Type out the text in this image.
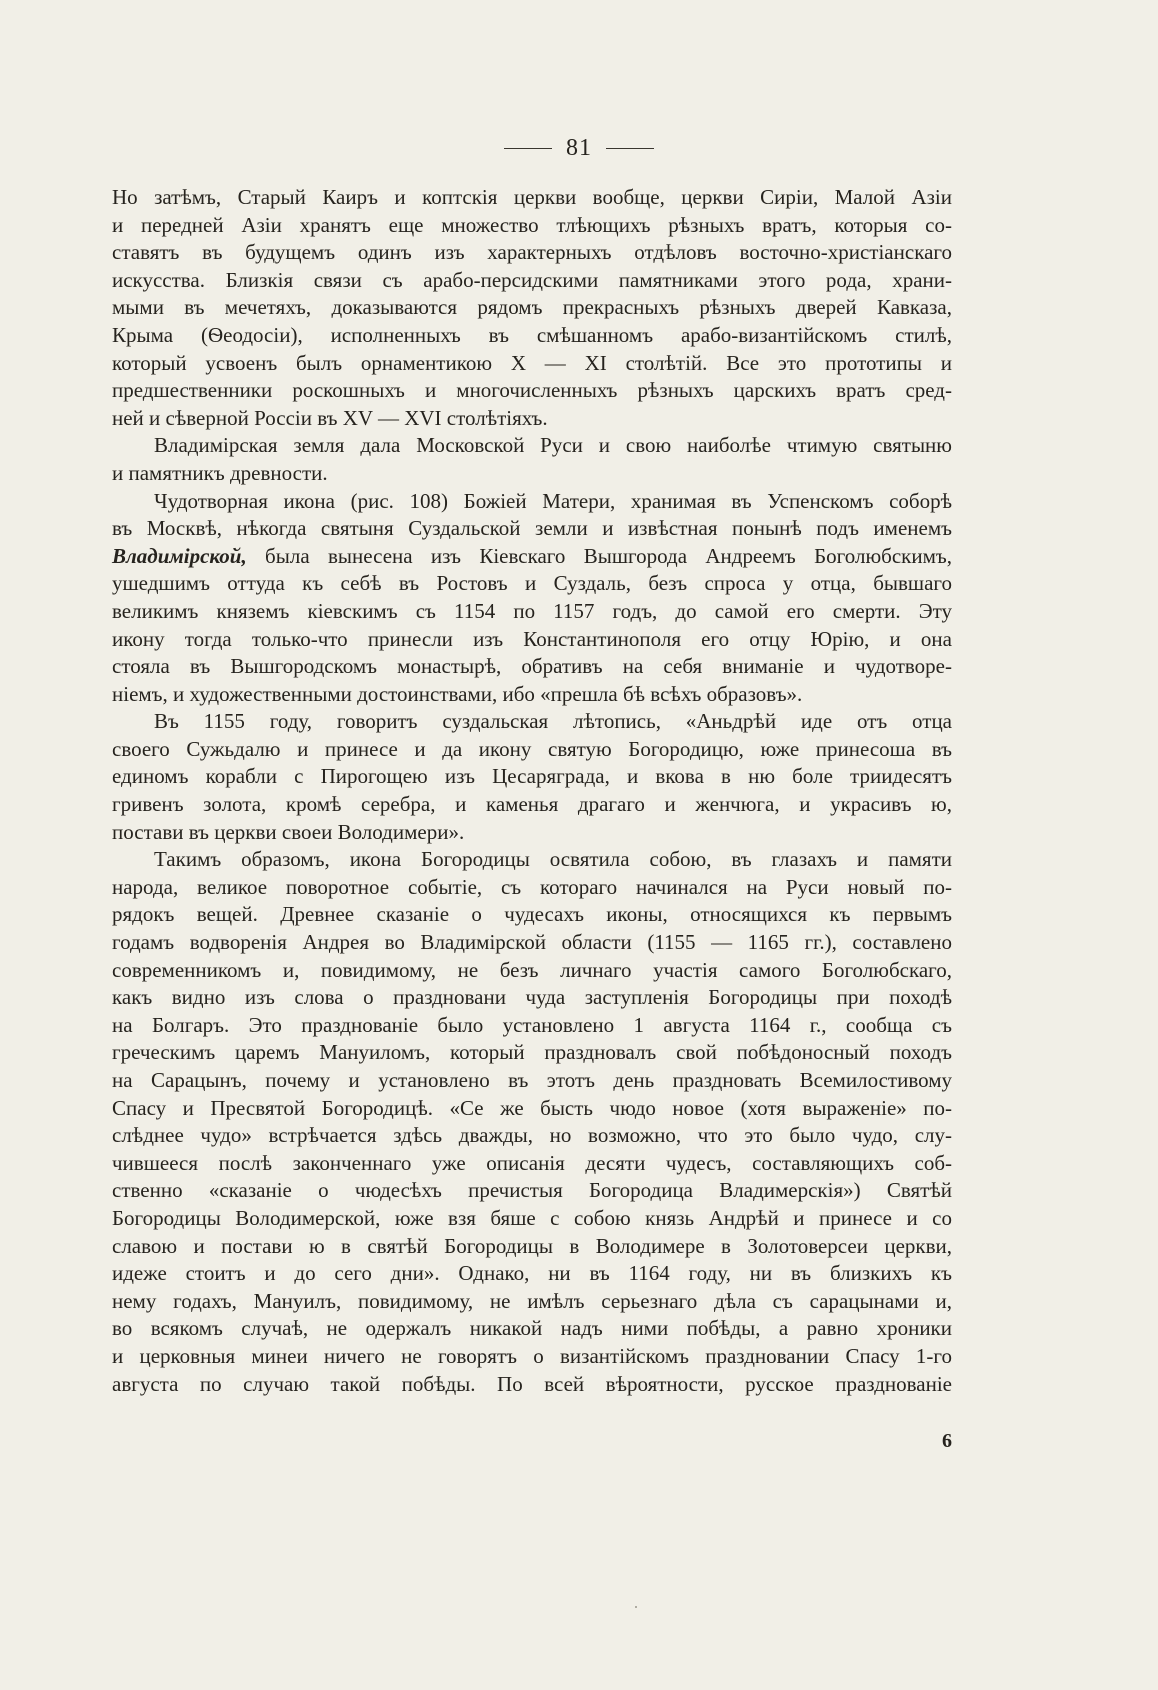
81

Но затѣмъ, Старый Каиръ и коптскія церкви вообще, церкви Сиріи, Малой Азіи

и передней Азіи хранятъ еще множество тлѣющихъ рѣзныхъ вратъ, которыя со-

ставятъ въ будущемъ одинъ изъ характерныхъ отдѣловъ восточно-христіанскаго

искусства. Близкія связи съ арабо-персидскими памятниками этого рода, храни-

мыми въ мечетяхъ, доказываются рядомъ прекрасныхъ рѣзныхъ дверей Кавказа,

Крыма (Ѳеодосіи), исполненныхъ въ смѣшанномъ арабо-византійскомъ стилѣ,

который усвоенъ былъ орнаментикою X — XI столѣтій. Все это прототипы и

предшественники роскошныхъ и многочисленныхъ рѣзныхъ царскихъ вратъ сред-

ней и сѣверной Россіи въ XV — XVI столѣтіяхъ.

Владимірская земля дала Московской Руси и свою наиболѣе чтимую святыню

и памятникъ древности.

Чудотворная икона (рис. 108) Божіей Матери, хранимая въ Успенскомъ соборѣ

въ Москвѣ, нѣкогда святыня Суздальской земли и извѣстная понынѣ подъ именемъ

Владимірской, была вынесена изъ Кіевскаго Вышгорода Андреемъ Боголюбскимъ,

ушедшимъ оттуда къ себѣ въ Ростовъ и Суздаль, безъ спроса у отца, бывшаго

великимъ княземъ кіевскимъ съ 1154 по 1157 годъ, до самой его смерти. Эту

икону тогда только-что принесли изъ Константинополя его отцу Юрію, и она

стояла въ Вышгородскомъ монастырѣ, обративъ на себя вниманіе и чудотворе-

ніемъ, и художественными достоинствами, ибо «прешла бѣ всѣхъ образовъ».

Въ 1155 году, говоритъ суздальская лѣтопись, «Аньдрѣй иде отъ отца

своего Сужьдалю и принесе и да икону святую Богородицю, юже принесоша въ

единомъ корабли с Пирогощею изъ Цесаряграда, и вкова в ню боле триидесятъ

гривенъ золота, кромѣ серебра, и каменья драгаго и женчюга, и украсивъ ю,

постави въ церкви своеи Володимери».

Такимъ образомъ, икона Богородицы освятила собою, въ глазахъ и памяти

народа, великое поворотное событіе, съ котораго начинался на Руси новый по-

рядокъ вещей. Древнее сказаніе о чудесахъ иконы, относящихся къ первымъ

годамъ водворенія Андрея во Владимірской области (1155 — 1165 гг.), составлено

современникомъ и, повидимому, не безъ личнаго участія самого Боголюбскаго,

какъ видно изъ слова о праздновани чуда заступленія Богородицы при походѣ

на Болгаръ. Это празднованіе было установлено 1 августа 1164 г., сообща съ

греческимъ царемъ Мануиломъ, который праздновалъ свой побѣдоносный походъ

на Сарацынъ, почему и установлено въ этотъ день праздновать Всемилостивому

Спасу и Пресвятой Богородицѣ. «Се же бысть чюдо новое (хотя выраженіе» по-

слѣднее чудо» встрѣчается здѣсь дважды, но возможно, что это было чудо, слу-

чившееся послѣ законченнаго уже описанія десяти чудесъ, составляющихъ соб-

ственно «сказаніе о чюдесѣхъ пречистыя Богородица Владимерскія») Святѣй

Богородицы Володимерской, юже взя бяше с собою князь Андрѣй и принесе и со

славою и постави ю в святѣй Богородицы в Володимере в Золотоверсеи церкви,

идеже стоитъ и до сего дни». Однако, ни въ 1164 году, ни въ близкихъ къ

нему годахъ, Мануилъ, повидимому, не имѣлъ серьезнаго дѣла съ сарацынами и,

во всякомъ случаѣ, не одержалъ никакой надъ ними побѣды, а равно хроники

и церковныя минеи ничего не говорятъ о византійскомъ праздновании Спасу 1-го

августа по случаю такой побѣды. По всей вѣроятности, русское празднованіе

6
